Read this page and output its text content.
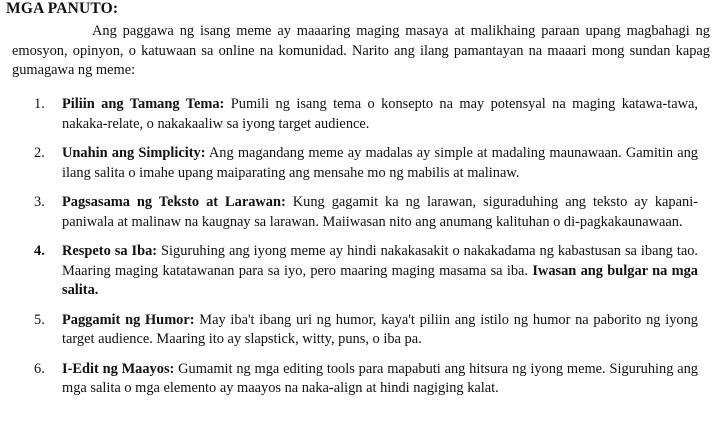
MGA PANUTO:

Ang paggawa ng isang meme ay maaaring maging masaya at malikhaing paraan upang magbahagi ng emosyon, opinyon, o katuwaan sa online na komunidad. Narito ang ilang pamantayan na maaari mong sundan kapag gumagawa ng meme:

1. Piliin ang Tamang Tema: Pumili ng isang tema o konsepto na may potensyal na maging katawa-tawa, nakaka-relate, o nakakaaliw sa iyong target audience.
2. Unahin ang Simplicity: Ang magandang meme ay madalas ay simple at madaling maunawaan. Gamitin ang ilang salita o imahe upang maiparating ang mensahe mo ng mabilis at malinaw.
3. Pagsasama ng Teksto at Larawan: Kung gagamit ka ng larawan, siguraduhing ang teksto ay kapani-paniwala at malinaw na kaugnay sa larawan. Maiiwasan nito ang anumang kalituhan o di-pagkakaunawaan.
4. Respeto sa Iba: Siguruhing ang iyong meme ay hindi nakakasakit o nakakadama ng kabastusan sa ibang tao. Maaring maging katatawanan para sa iyo, pero maaring maging masama sa iba. Iwasan ang bulgar na mga salita.
5. Paggamit ng Humor: May iba't ibang uri ng humor, kaya't piliin ang istilo ng humor na paborito ng iyong target audience. Maaring ito ay slapstick, witty, puns, o iba pa.
6. I-Edit ng Maayos: Gumamit ng mga editing tools para mapabuti ang hitsura ng iyong meme. Siguruhing ang mga salita o mga elemento ay maayos na naka-align at hindi nagiging kalat.
